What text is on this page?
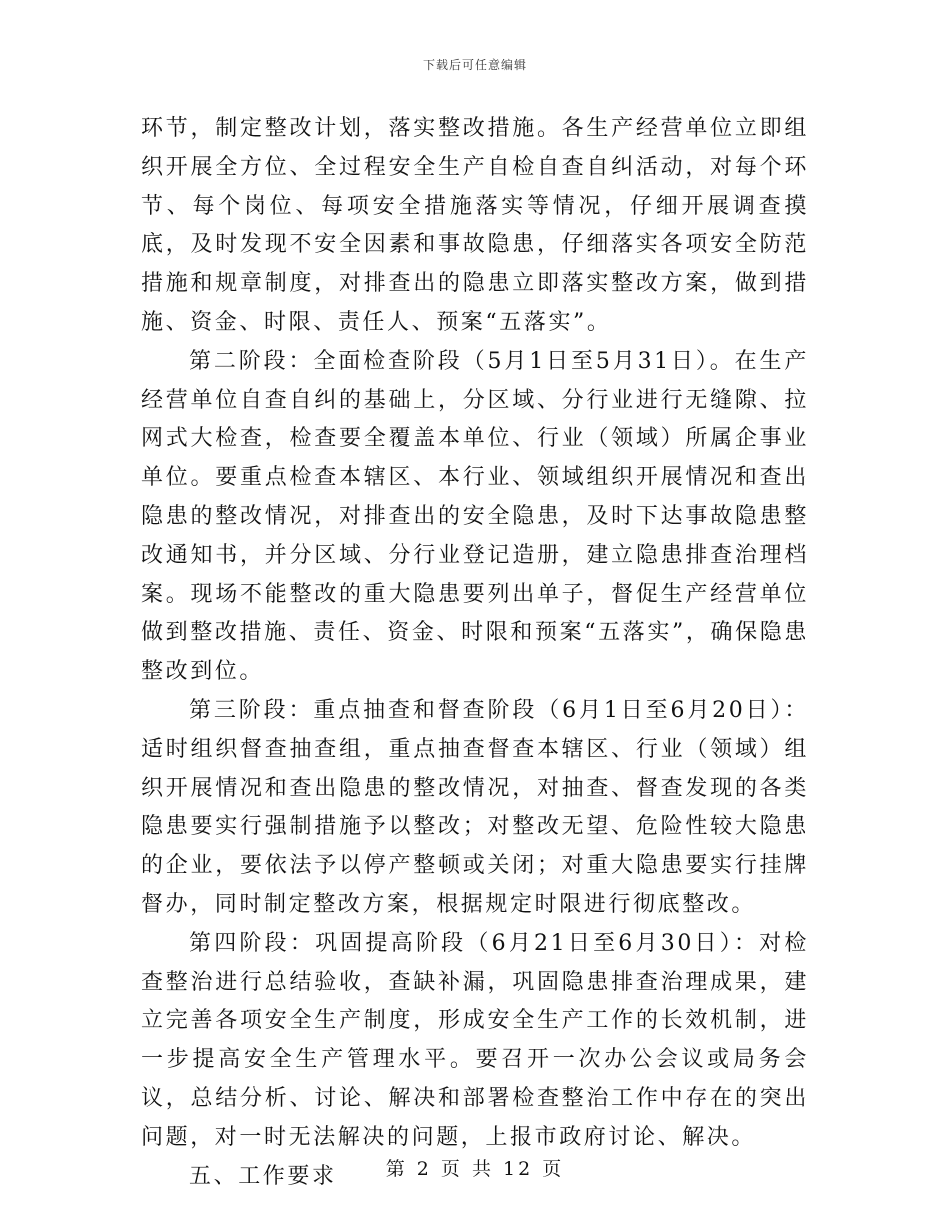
下载后可任意编辑

环节，制定整改计划，落实整改措施。各生产经营单位立即组织开展全方位、全过程安全生产自检自查自纠活动，对每个环节、每个岗位、每项安全措施落实等情况，仔细开展调查摸底，及时发现不安全因素和事故隐患，仔细落实各项安全防范措施和规章制度，对排查出的隐患立即落实整改方案，做到措施、资金、时限、责任人、预案“五落实”。

第二阶段：全面检查阶段（5月1日至5月31日）。在生产经营单位自查自纠的基础上，分区域、分行业进行无缝隙、拉网式大检查，检查要全覆盖本单位、行业（领域）所属企事业单位。要重点检查本辖区、本行业、领域组织开展情况和查出隐患的整改情况，对排查出的安全隐患，及时下达事故隐患整改通知书，并分区域、分行业登记造册，建立隐患排查治理档案。现场不能整改的重大隐患要列出单子，督促生产经营单位做到整改措施、责任、资金、时限和预案“五落实”，确保隐患整改到位。

第三阶段：重点抽查和督查阶段（6月1日至6月20日）：适时组织督查抽查组，重点抽查督查本辖区、行业（领域）组织开展情况和查出隐患的整改情况，对抽查、督查发现的各类隐患要实行强制措施予以整改；对整改无望、危险性较大隐患的企业，要依法予以停产整顿或关闭；对重大隐患要实行挂牌督办，同时制定整改方案，根据规定时限进行彻底整改。

第四阶段：巩固提高阶段（6月21日至6月30日）：对检查整治进行总结验收，查缺补漏，巩固隐患排查治理成果，建立完善各项安全生产制度，形成安全生产工作的长效机制，进一步提高安全生产管理水平。要召开一次办公会议或局务会议，总结分析、讨论、解决和部署检查整治工作中存在的突出问题，对一时无法解决的问题，上报市政府讨论、解决。

五、工作要求	第 2 页 共 12 页
